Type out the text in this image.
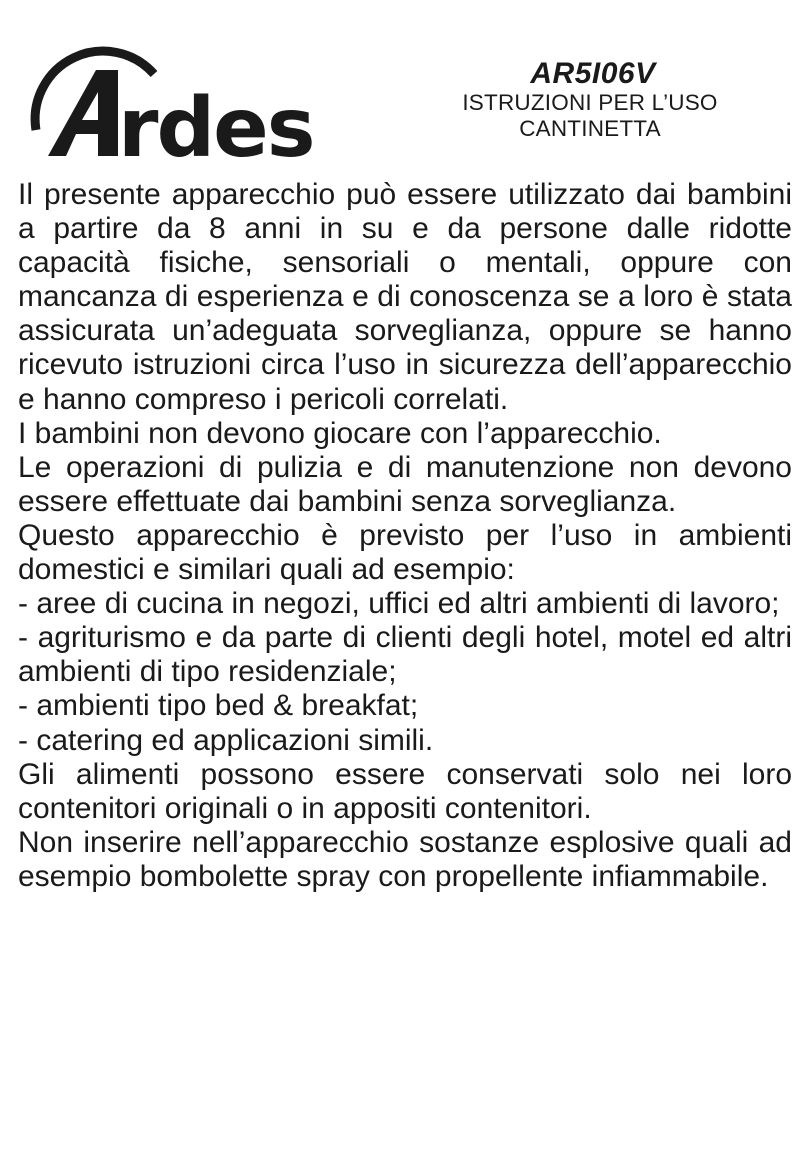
rdes
AR5I06V
ISTRUZIONI PER L’USO
CANTINETTA

Il presente apparecchio può essere utilizzato dai bambini a partire da 8 anni in su e da persone dalle ridotte capacità fisiche, sensoriali o mentali, oppure con mancanza di esperienza e di conoscenza se a loro è stata assicurata un’adeguata sorveglianza, oppure se hanno ricevuto istruzioni circa l’uso in sicurezza dell’apparecchio e hanno compreso i pericoli correlati.

I bambini non devono giocare con l’apparecchio.

Le operazioni di pulizia e di manutenzione non devono essere effettuate dai bambini senza sorveglianza.

Questo apparecchio è previsto per l’uso in ambienti domestici e similari quali ad esempio:

- aree di cucina in negozi, uffici ed altri ambienti di lavoro;

- agriturismo e da parte di clienti degli hotel, motel ed altri ambienti di tipo residenziale;

- ambienti tipo bed & breakfat;

- catering ed applicazioni simili.

Gli alimenti possono essere conservati solo nei loro contenitori originali o in appositi contenitori.

Non inserire nell’apparecchio sostanze esplosive quali ad esempio bombolette spray con propellente infiammabile.
